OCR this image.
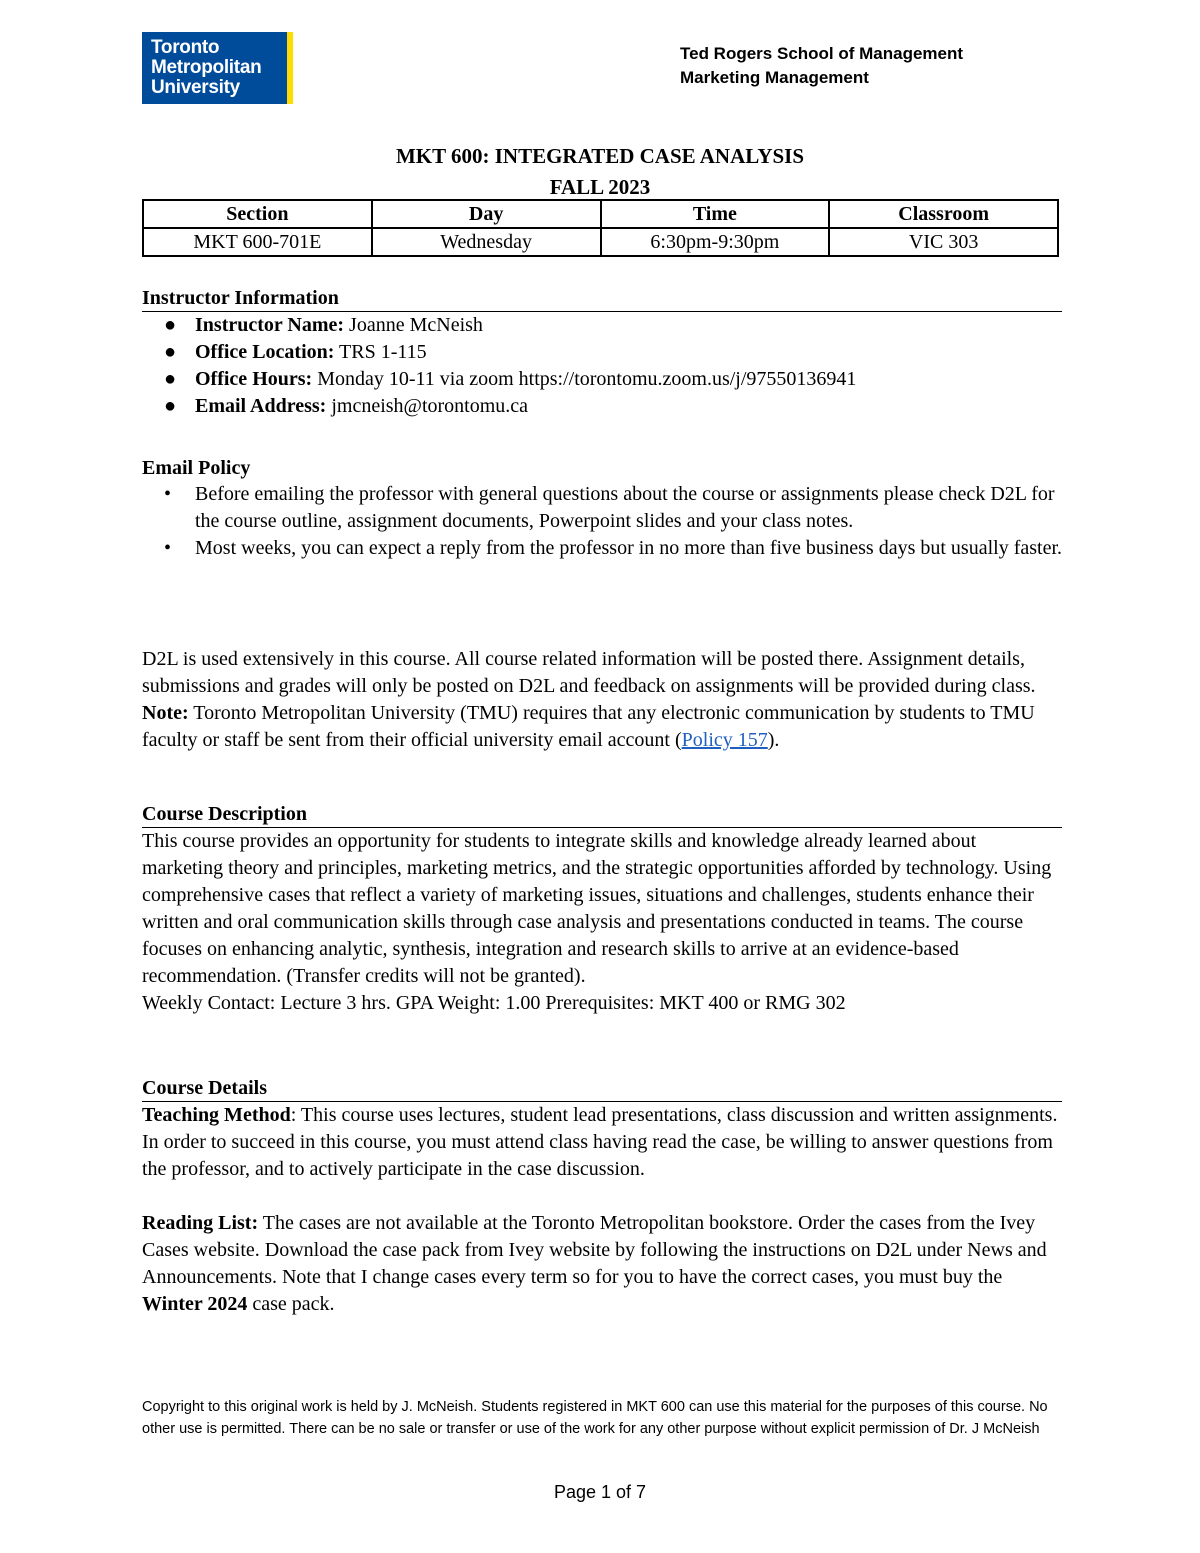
Toronto
Metropolitan
University
Ted Rogers School of Management
Marketing Management
MKT 600: INTEGRATED CASE ANALYSIS
FALL 2023
Section	Day	Time	Classroom
MKT 600-701E	Wednesday	6:30pm-9:30pm	VIC 303
Instructor Information
● Instructor Name: Joanne McNeish
● Office Location: TRS 1-115
● Office Hours: Monday 10-11 via zoom https://torontomu.zoom.us/j/97550136941
● Email Address: jmcneish@torontomu.ca
Email Policy
• Before emailing the professor with general questions about the course or assignments please check D2L for the course outline, assignment documents, Powerpoint slides and your class notes.
• Most weeks, you can expect a reply from the professor in no more than five business days but usually faster.
D2L is used extensively in this course. All course related information will be posted there. Assignment details, submissions and grades will only be posted on D2L and feedback on assignments will be provided during class. Note: Toronto Metropolitan University (TMU) requires that any electronic communication by students to TMU faculty or staff be sent from their official university email account (Policy 157).
Course Description
This course provides an opportunity for students to integrate skills and knowledge already learned about marketing theory and principles, marketing metrics, and the strategic opportunities afforded by technology. Using comprehensive cases that reflect a variety of marketing issues, situations and challenges, students enhance their written and oral communication skills through case analysis and presentations conducted in teams. The course focuses on enhancing analytic, synthesis, integration and research skills to arrive at an evidence-based recommendation. (Transfer credits will not be granted).
Weekly Contact: Lecture 3 hrs. GPA Weight: 1.00 Prerequisites: MKT 400 or RMG 302
Course Details
Teaching Method: This course uses lectures, student lead presentations, class discussion and written assignments. In order to succeed in this course, you must attend class having read the case, be willing to answer questions from the professor, and to actively participate in the case discussion.
Reading List: The cases are not available at the Toronto Metropolitan bookstore. Order the cases from the Ivey Cases website. Download the case pack from Ivey website by following the instructions on D2L under News and Announcements. Note that I change cases every term so for you to have the correct cases, you must buy the Winter 2024 case pack.
Copyright to this original work is held by J. McNeish. Students registered in MKT 600 can use this material for the purposes of this course. No other use is permitted. There can be no sale or transfer or use of the work for any other purpose without explicit permission of Dr. J McNeish
Page 1 of 7
